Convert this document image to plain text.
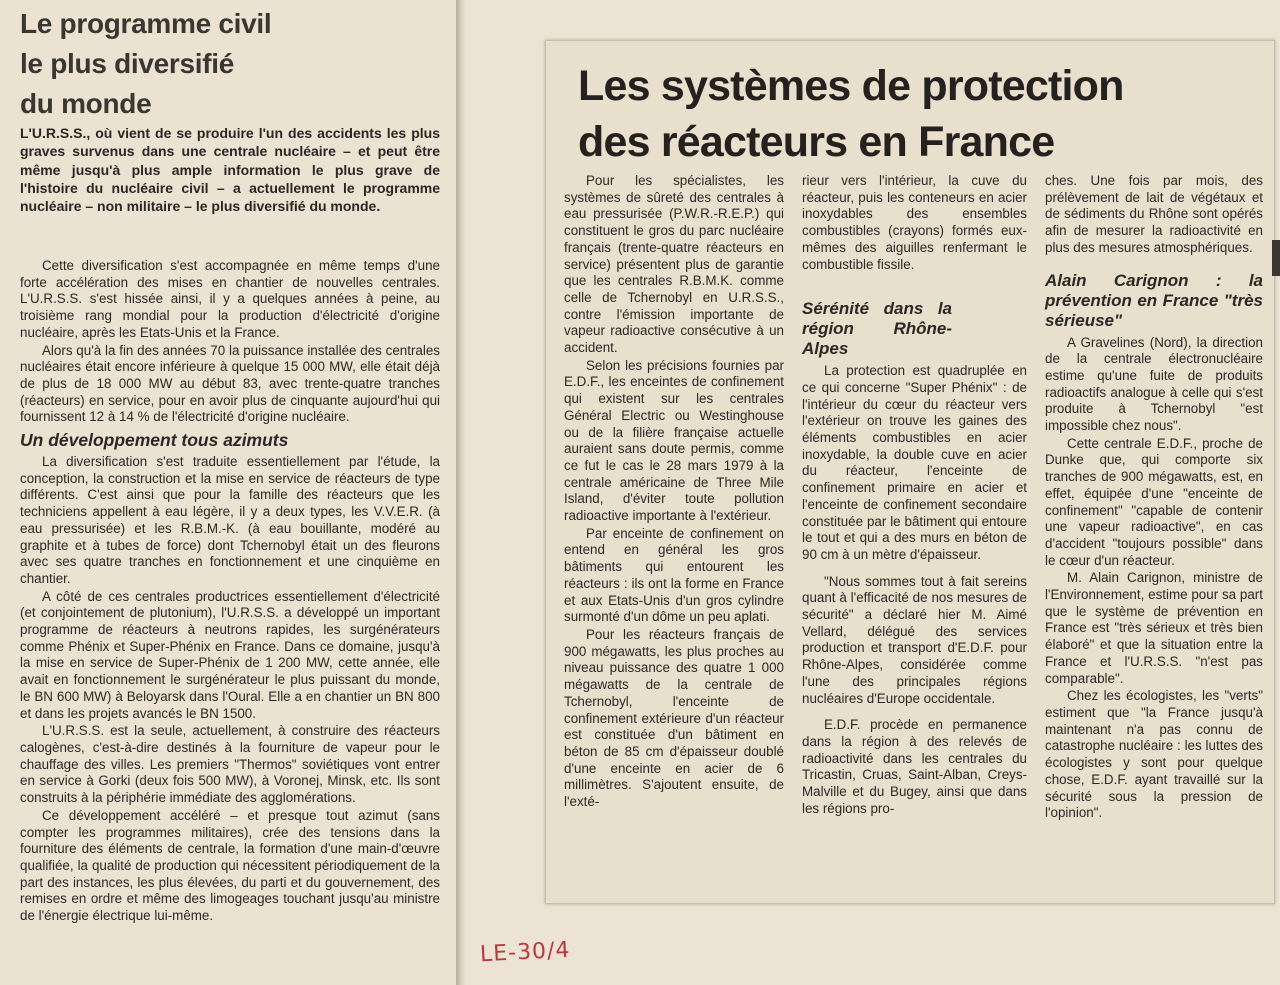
Le programme civil
le plus diversifié
du monde

L'U.R.S.S., où vient de se produire l'un des accidents les plus graves survenus dans une centrale nucléaire – et peut être même jusqu'à plus ample information le plus grave de l'histoire du nucléaire civil – a actuellement le programme nucléaire – non militaire – le plus diversifié du monde.

Cette diversification s'est accompagnée en même temps d'une forte accélération des mises en chantier de nouvelles centrales. L'U.R.S.S. s'est hissée ainsi, il y a quelques années à peine, au troisième rang mondial pour la production d'électricité d'origine nucléaire, après les Etats-Unis et la France.

Alors qu'à la fin des années 70 la puissance installée des centrales nucléaires était encore inférieure à quelque 15 000 MW, elle était déjà de plus de 18 000 MW au début 83, avec trente-quatre tranches (réacteurs) en service, pour en avoir plus de cinquante aujourd'hui qui fournissent 12 à 14 % de l'électricité d'origine nucléaire.

Un développement tous azimuts

La diversification s'est traduite essentiellement par l'étude, la conception, la construction et la mise en service de réacteurs de type différents. C'est ainsi que pour la famille des réacteurs que les techniciens appellent à eau légère, il y a deux types, les V.V.E.R. (à eau pressurisée) et les R.B.M.-K. (à eau bouillante, modéré au graphite et à tubes de force) dont Tchernobyl était un des fleurons avec ses quatre tranches en fonctionnement et une cinquième en chantier.

A côté de ces centrales productrices essentiellement d'électricité (et conjointement de plutonium), l'U.R.S.S. a développé un important programme de réacteurs à neutrons rapides, les surgénérateurs comme Phénix et Super-Phénix en France. Dans ce domaine, jusqu'à la mise en service de Super-Phénix de 1 200 MW, cette année, elle avait en fonctionnement le surgénérateur le plus puissant du monde, le BN 600 MW) à Beloyarsk dans l'Oural. Elle a en chantier un BN 800 et dans les projets avancés le BN 1500.

L'U.R.S.S. est la seule, actuellement, à construire des réacteurs calogènes, c'est-à-dire destinés à la fourniture de vapeur pour le chauffage des villes. Les premiers "Thermos" soviétiques vont entrer en service à Gorki (deux fois 500 MW), à Voronej, Minsk, etc. Ils sont construits à la périphérie immédiate des agglomérations.

Ce développement accéléré – et presque tout azimut (sans compter les programmes militaires), crée des tensions dans la fourniture des éléments de centrale, la formation d'une main-d'œuvre qualifiée, la qualité de production qui nécessitent périodiquement de la part des instances, les plus élevées, du parti et du gouvernement, des remises en ordre et même des limogeages touchant jusqu'au ministre de l'énergie électrique lui-même.

Les systèmes de protection
des réacteurs en France

Pour les spécialistes, les systèmes de sûreté des centrales à eau pressurisée (P.W.R.-R.E.P.) qui constituent le gros du parc nucléaire français (trente-quatre réacteurs en service) présentent plus de garantie que les centrales R.B.M.K. comme celle de Tchernobyl en U.R.S.S., contre l'émission importante de vapeur radioactive consécutive à un accident.

Selon les précisions fournies par E.D.F., les enceintes de confinement qui existent sur les centrales Général Electric ou Westinghouse ou de la filière française actuelle auraient sans doute permis, comme ce fut le cas le 28 mars 1979 à la centrale américaine de Three Mile Island, d'éviter toute pollution radioactive importante à l'extérieur.

Par enceinte de confinement on entend en général les gros bâtiments qui entourent les réacteurs : ils ont la forme en France et aux Etats-Unis d'un gros cylindre surmonté d'un dôme un peu aplati.

Pour les réacteurs français de 900 mégawatts, les plus proches au niveau puissance des quatre 1 000 mégawatts de la centrale de Tchernobyl, l'enceinte de confinement extérieure d'un réacteur est constituée d'un bâtiment en béton de 85 cm d'épaisseur doublé d'une enceinte en acier de 6 millimètres. S'ajoutent ensuite, de l'exté-

rieur vers l'intérieur, la cuve du réacteur, puis les conteneurs en acier inoxydables des ensembles combustibles (crayons) formés eux-mêmes des aiguilles renfermant le combustible fissile.

Sérénité dans la région Rhône-Alpes

La protection est quadruplée en ce qui concerne "Super Phénix" : de l'intérieur du cœur du réacteur vers l'extérieur on trouve les gaines des éléments combustibles en acier inoxydable, la double cuve en acier du réacteur, l'enceinte de confinement primaire en acier et l'enceinte de confinement secondaire constituée par le bâtiment qui entoure le tout et qui a des murs en béton de 90 cm à un mètre d'épaisseur.

"Nous sommes tout à fait sereins quant à l'efficacité de nos mesures de sécurité" a déclaré hier M. Aimé Vellard, délégué des services production et transport d'E.D.F. pour Rhône-Alpes, considérée comme l'une des principales régions nucléaires d'Europe occidentale.

E.D.F. procède en permanence dans la région à des relevés de radioactivité dans les centrales du Tricastin, Cruas, Saint-Alban, Creys-Malville et du Bugey, ainsi que dans les régions pro-

ches. Une fois par mois, des prélèvement de lait de végétaux et de sédiments du Rhône sont opérés afin de mesurer la radioactivité en plus des mesures atmosphériques.

Alain Carignon : la prévention en France "très sérieuse"

A Gravelines (Nord), la direction de la centrale électronucléaire estime qu'une fuite de produits radioactifs analogue à celle qui s'est produite à Tchernobyl "est impossible chez nous".

Cette centrale E.D.F., proche de Dunke que, qui comporte six tranches de 900 mégawatts, est, en effet, équipée d'une "enceinte de confinement" "capable de contenir une vapeur radioactive", en cas d'accident "toujours possible" dans le cœur d'un réacteur.

M. Alain Carignon, ministre de l'Environnement, estime pour sa part que le système de prévention en France est "très sérieux et très bien élaboré" et que la situation entre la France et l'U.R.S.S. "n'est pas comparable".

Chez les écologistes, les "verts" estiment que "la France jusqu'à maintenant n'a pas connu de catastrophe nucléaire : les luttes des écologistes y sont pour quelque chose, E.D.F. ayant travaillé sur la sécurité sous la pression de l'opinion".

LE-30/4
